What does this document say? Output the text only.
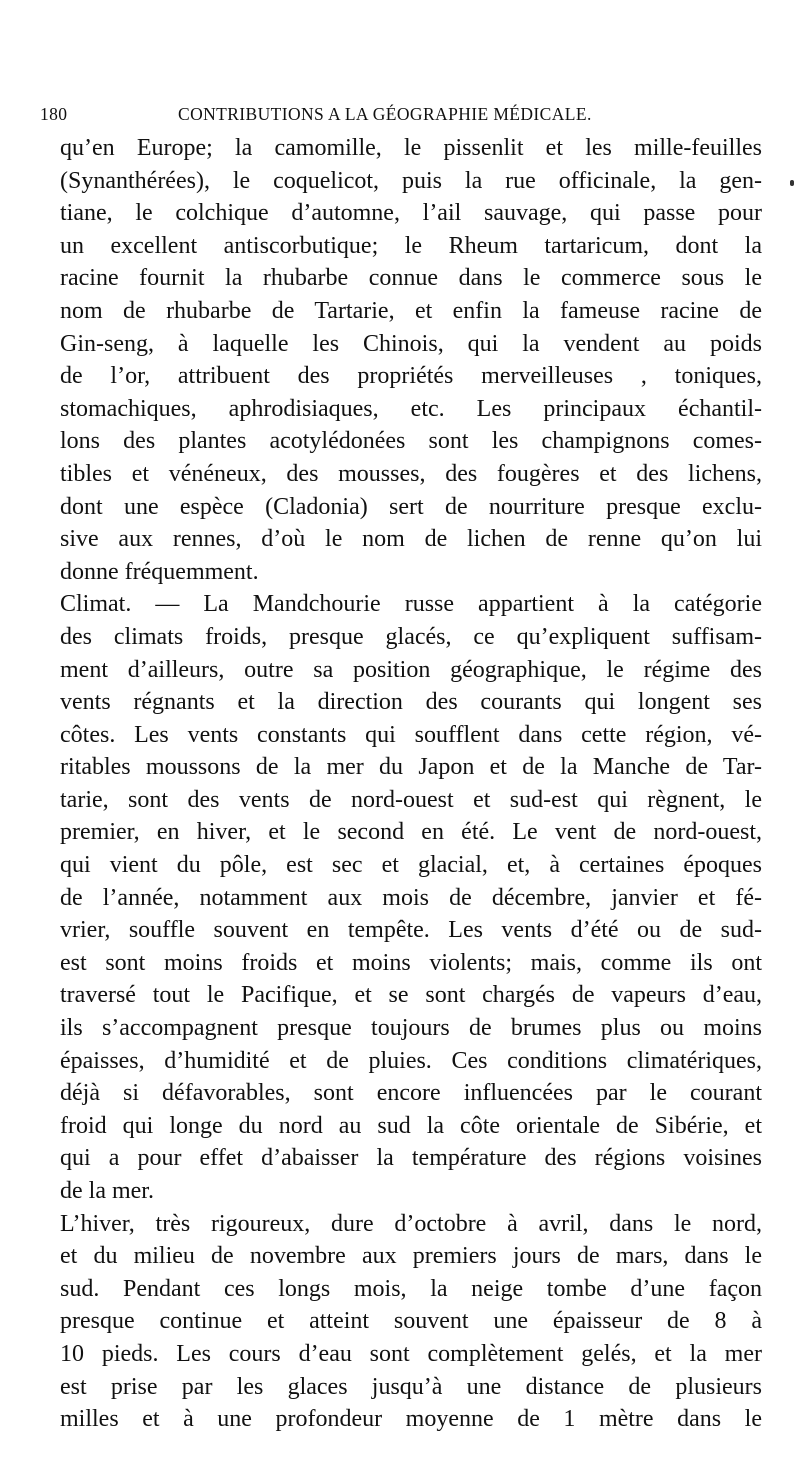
180	CONTRIBUTIONS A LA GÉOGRAPHIE MÉDICALE.
qu’en Europe; la camomille, le pissenlit et les mille-feuilles
(Synanthérées), le coquelicot, puis la rue officinale, la gen-
tiane, le colchique d’automne, l’ail sauvage, qui passe pour
un excellent antiscorbutique; le Rheum tartaricum, dont la
racine fournit la rhubarbe connue dans le commerce sous le
nom de rhubarbe de Tartarie, et enfin la fameuse racine de
Gin-seng, à laquelle les Chinois, qui la vendent au poids
de l’or, attribuent des propriétés merveilleuses , toniques,
stomachiques, aphrodisiaques, etc. Les principaux échantil-
lons des plantes acotylédonées sont les champignons comes-
tibles et vénéneux, des mousses, des fougères et des lichens,
dont une espèce (Cladonia) sert de nourriture presque exclu-
sive aux rennes, d’où le nom de lichen de renne qu’on lui
donne fréquemment.
Climat. — La Mandchourie russe appartient à la catégorie
des climats froids, presque glacés, ce qu’expliquent suffisam-
ment d’ailleurs, outre sa position géographique, le régime des
vents régnants et la direction des courants qui longent ses
côtes. Les vents constants qui soufflent dans cette région, vé-
ritables moussons de la mer du Japon et de la Manche de Tar-
tarie, sont des vents de nord-ouest et sud-est qui règnent, le
premier, en hiver, et le second en été. Le vent de nord-ouest,
qui vient du pôle, est sec et glacial, et, à certaines époques
de l’année, notamment aux mois de décembre, janvier et fé-
vrier, souffle souvent en tempête. Les vents d’été ou de sud-
est sont moins froids et moins violents; mais, comme ils ont
traversé tout le Pacifique, et se sont chargés de vapeurs d’eau,
ils s’accompagnent presque toujours de brumes plus ou moins
épaisses, d’humidité et de pluies. Ces conditions climatériques,
déjà si défavorables, sont encore influencées par le courant
froid qui longe du nord au sud la côte orientale de Sibérie, et
qui a pour effet d’abaisser la température des régions voisines
de la mer.
L’hiver, très rigoureux, dure d’octobre à avril, dans le nord,
et du milieu de novembre aux premiers jours de mars, dans le
sud. Pendant ces longs mois, la neige tombe d’une façon
presque continue et atteint souvent une épaisseur de 8 à
10 pieds. Les cours d’eau sont complètement gelés, et la mer
est prise par les glaces jusqu’à une distance de plusieurs
milles et à une profondeur moyenne de 1 mètre dans le
